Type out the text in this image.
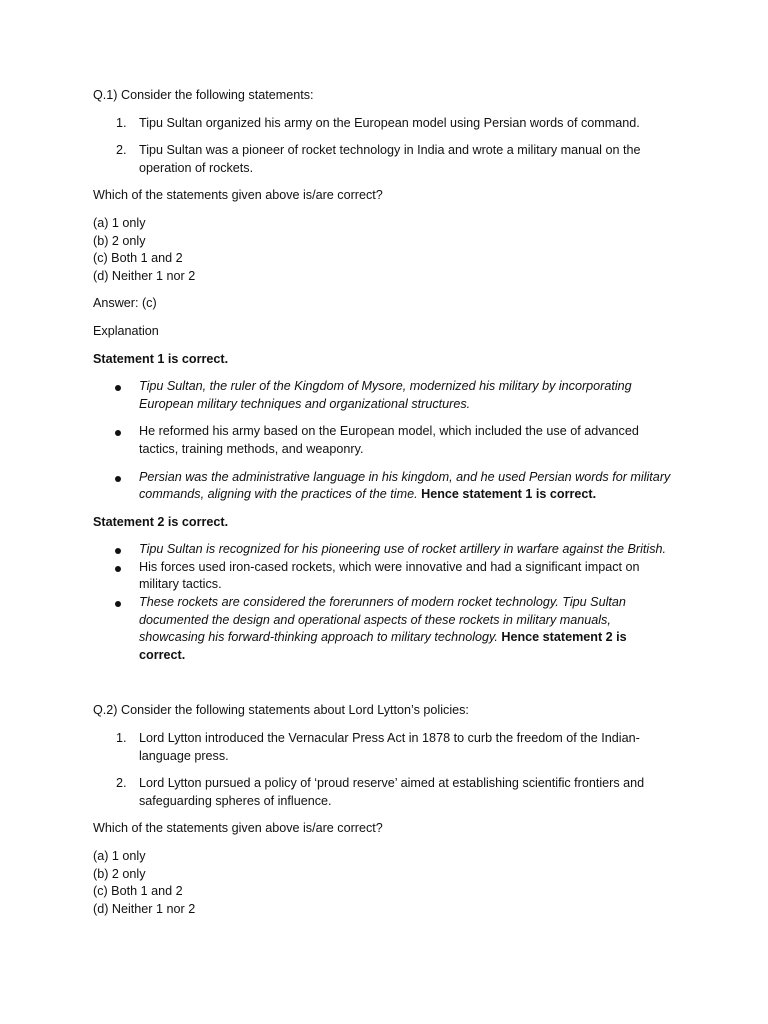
Q.1) Consider the following statements:

1. Tipu Sultan organized his army on the European model using Persian words of command.
2. Tipu Sultan was a pioneer of rocket technology in India and wrote a military manual on the operation of rockets.

Which of the statements given above is/are correct?

(a) 1 only
(b) 2 only
(c) Both 1 and 2
(d) Neither 1 nor 2

Answer: (c)

Explanation

Statement 1 is correct.

Tipu Sultan, the ruler of the Kingdom of Mysore, modernized his military by incorporating European military techniques and organizational structures.
He reformed his army based on the European model, which included the use of advanced tactics, training methods, and weaponry.
Persian was the administrative language in his kingdom, and he used Persian words for military commands, aligning with the practices of the time. Hence statement 1 is correct.

Statement 2 is correct.

Tipu Sultan is recognized for his pioneering use of rocket artillery in warfare against the British.
His forces used iron-cased rockets, which were innovative and had a significant impact on military tactics.
These rockets are considered the forerunners of modern rocket technology. Tipu Sultan documented the design and operational aspects of these rockets in military manuals, showcasing his forward-thinking approach to military technology. Hence statement 2 is correct.

Q.2) Consider the following statements about Lord Lytton’s policies:

1. Lord Lytton introduced the Vernacular Press Act in 1878 to curb the freedom of the Indian-language press.
2. Lord Lytton pursued a policy of ‘proud reserve’ aimed at establishing scientific frontiers and safeguarding spheres of influence.

Which of the statements given above is/are correct?

(a) 1 only
(b) 2 only
(c) Both 1 and 2
(d) Neither 1 nor 2
